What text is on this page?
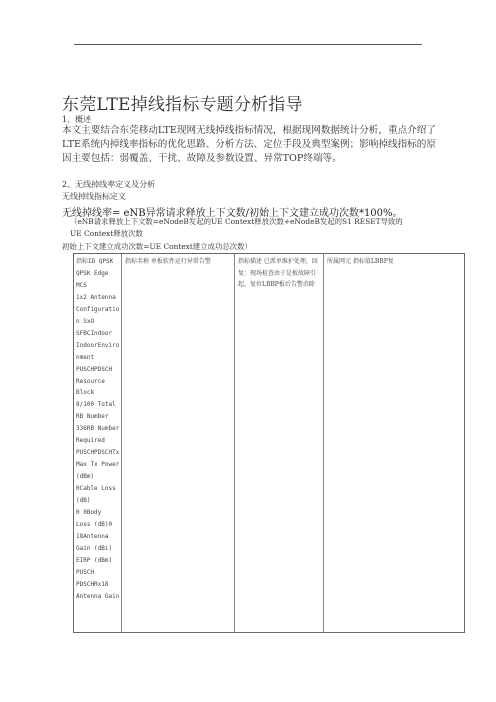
东莞LTE掉线指标专题分析指导
1、概述
本文主要结合东莞移动LTE现网无线掉线指标情况，根据现网数据统计分析，重点介绍了LTE系统内掉线率指标的优化思路、分析方法、定位手段及典型案例；影响掉线指标的原因主要包括：弱覆盖、干扰、故障及参数设置、异常TOP终端等。
2、无线掉线率定义及分析
无线掉线指标定义
无线掉线率= eNB异常请求释放上下文数/初始上下文建立成功次数*100%。
（eNB请求释放上下文数=eNodeB发起的UE Context释放次数+eNodeB发起的S1 RESET导致的
UE Context释放次数
初始上下文建立成功次数=UE Context建立成功总次数）
指标ID QPSK
QPSK Edge
MCS
1x2 Antenna
Configuratio
n SxO
SFBCIndoor
IndoorEnviro
nment
PUSCHPDSCH
Resource
Block
8/100 Total
RB Number
336RB Number
Required
PUSCHPDSCHTx
Max Tx Power
(dBm)
0Cable Loss
(dB)
0 0Body
Loss (dB)0
18Antenna
Gain (dBi)
EIRP (dBm)
PUSCH
PDSCHRx18
Antenna Gain
指标名称 单板软件运行异常告警	指标描述 已派单维护处理，回复：现场检查由于是板故障引起，复位LBBP板后告警消除
所属网元 指标值LBBP复
